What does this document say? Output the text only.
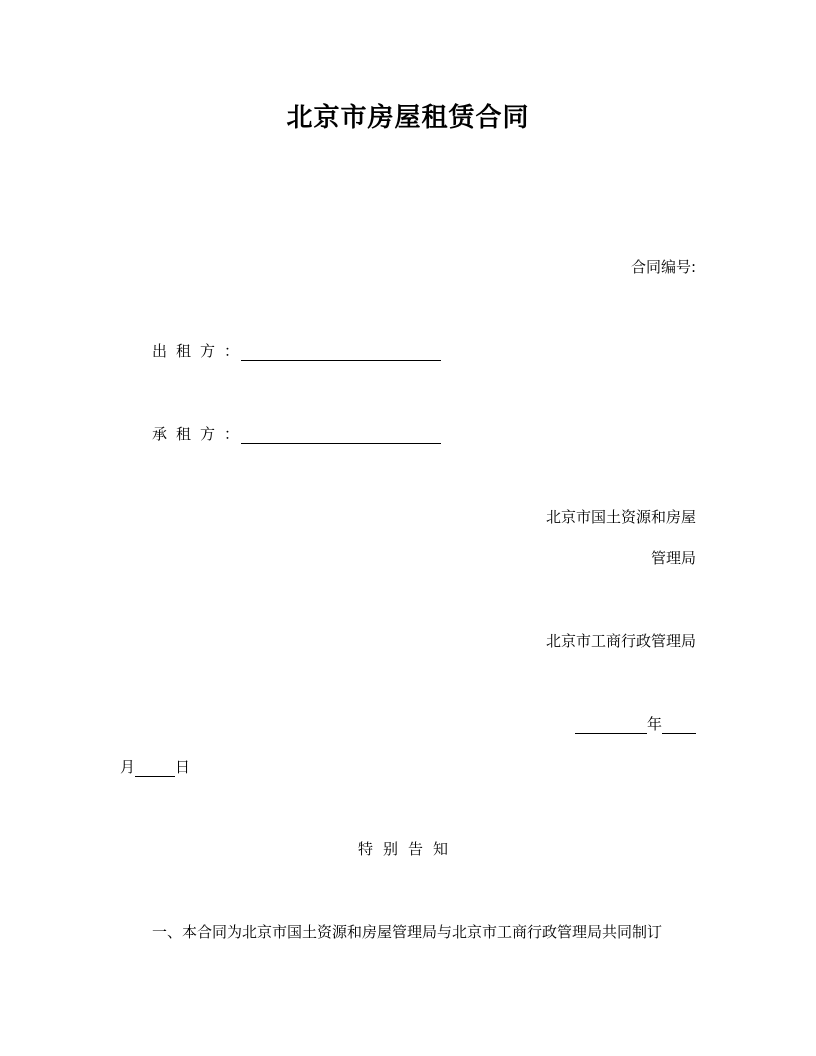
北京市房屋租赁合同
合同编号:
出租方 ：
承租方 ：
北京市国土资源和房屋
管理局
北京市工商行政管理局
年
月	日
特别告知
一、本合同为北京市国土资源和房屋管理局与北京市工商行政管理局共同制订
